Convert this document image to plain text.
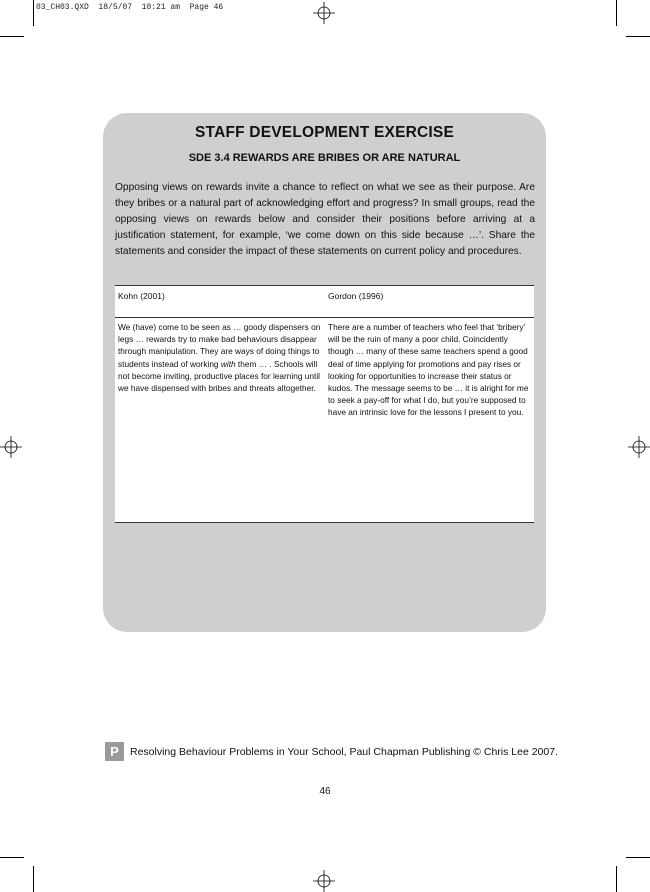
03_CH03.QXD  18/5/07  10:21 am  Page 46
STAFF DEVELOPMENT EXERCISE
SDE 3.4 REWARDS ARE BRIBES OR ARE NATURAL
Opposing views on rewards invite a chance to reflect on what we see as their purpose. Are they bribes or a natural part of acknowledging effort and progress? In small groups, read the opposing views on rewards below and consider their positions before arriving at a justification statement, for example, ‘we come down on this side because …’. Share the statements and consider the impact of these statements on current policy and procedures.
Kohn (2001)	Gordon (1996)
We (have) come to be seen as … goody dispensers on legs … rewards try to make bad behaviours disappear through manipulation. They are ways of doing things to students instead of working with them … . Schools will not become inviting, productive places for learning until we have dispensed with bribes and threats altogether.
There are a number of teachers who feel that ‘bribery’ will be the ruin of many a poor child. Coincidently though … many of these same teachers spend a good deal of time applying for promotions and pay rises or looking for opportunities to increase their status or kudos. The message seems to be … it is alright for me to seek a pay-off for what I do, but you’re supposed to have an intrinsic love for the lessons I present to you.
P	Resolving Behaviour Problems in Your School, Paul Chapman Publishing © Chris Lee 2007.
46
